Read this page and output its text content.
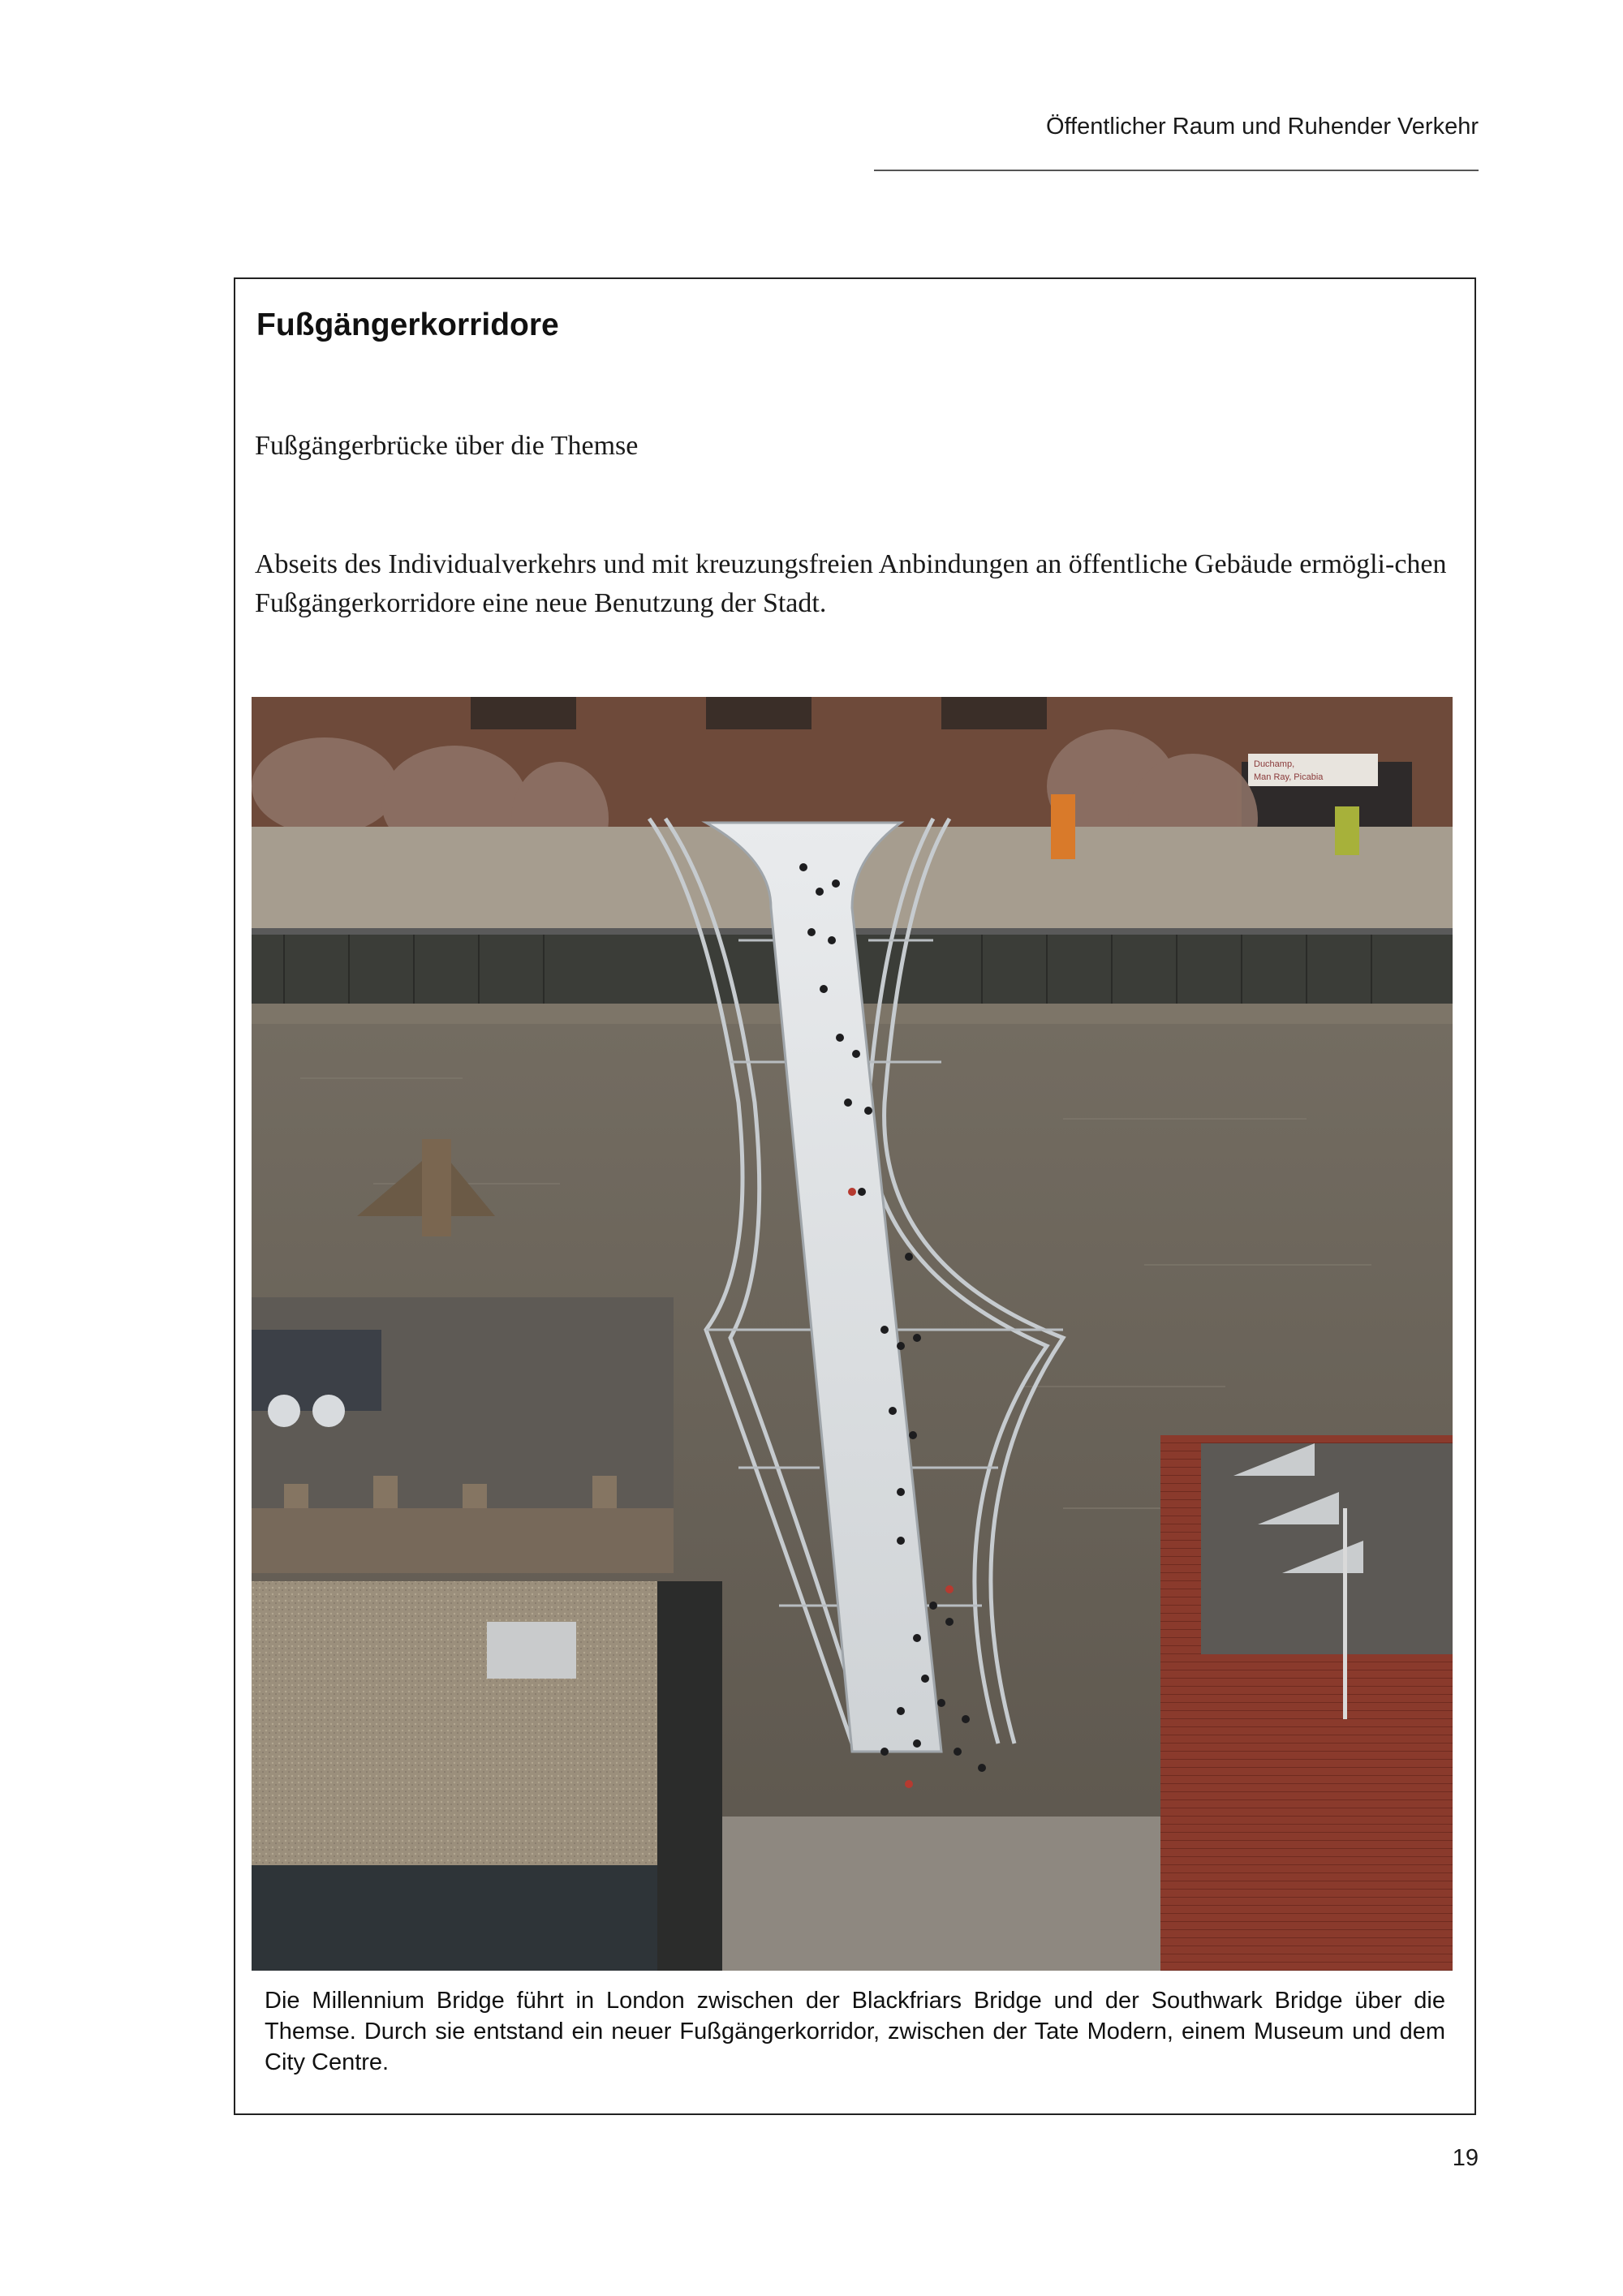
Öffentlicher Raum und Ruhender Verkehr
Fußgängerkorridore
Fußgängerbrücke über die Themse

Abseits des Individualverkehrs und mit kreuzungsfreien Anbindungen an öffentliche Gebäude ermögli-chen Fußgängerkorridore eine neue Benutzung der Stadt.

Duchamp,
Man Ray, Picabia

Die Millennium Bridge führt in London zwischen der Blackfriars Bridge und der Southwark Bridge über die Themse. Durch sie entstand ein neuer Fußgängerkorridor, zwischen der Tate Modern, einem Museum und dem City Centre.

19
